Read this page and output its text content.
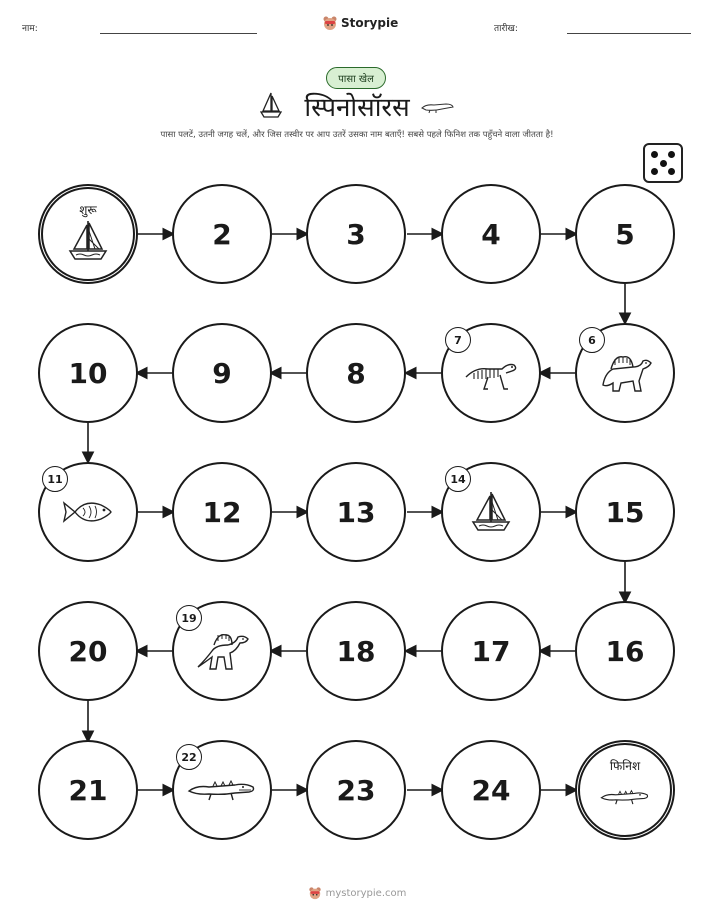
नाम:	Storypie	तारीख:
पासा खेल
स्पिनोसॉरस
पासा पलटें, उतनी जगह चलें, और जिस तस्वीर पर आप उतरें उसका नाम बताएँ! सबसे पहले फिनिश तक पहुँचने वाला जीतता है!
शुरू
2	3	4	5
6
7
8
9
10
11
12	13
14
15
16
17
18
19
20
21
22
23	24
फिनिश
mystorypie.com
